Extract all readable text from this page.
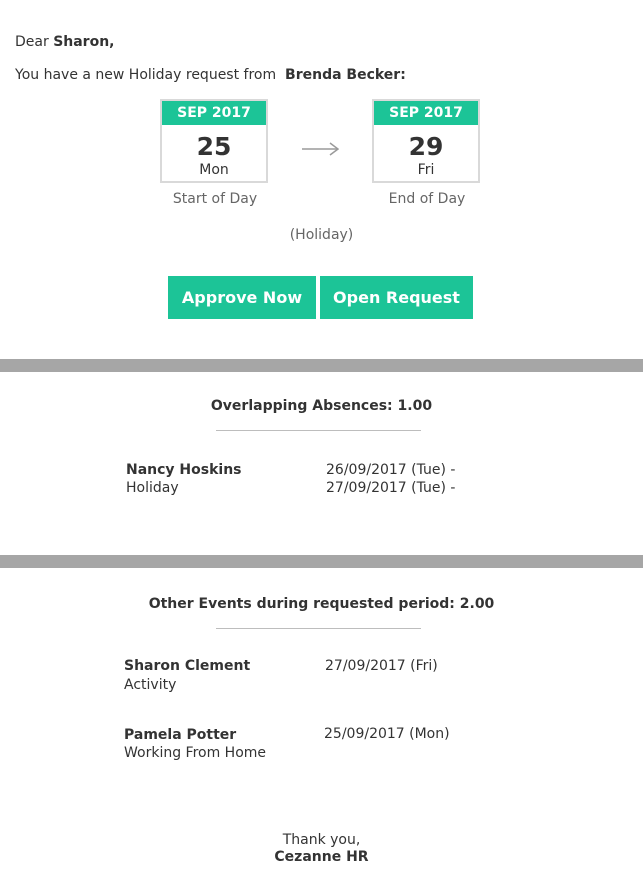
Dear Sharon,
You have a new Holiday request from Brenda Becker:
SEP 2017
25
Mon
Start of Day
SEP 2017
29
Fri
End of Day
(Holiday)
Approve Now	Open Request
Overlapping Absences: 1.00
Nancy Hoskins
Holiday
26/09/2017 (Tue) -
27/09/2017 (Tue) -
Other Events during requested period: 2.00
Sharon Clement
Activity
27/09/2017 (Fri)
Pamela Potter
Working From Home
25/09/2017 (Mon)
Thank you,
Cezanne HR
